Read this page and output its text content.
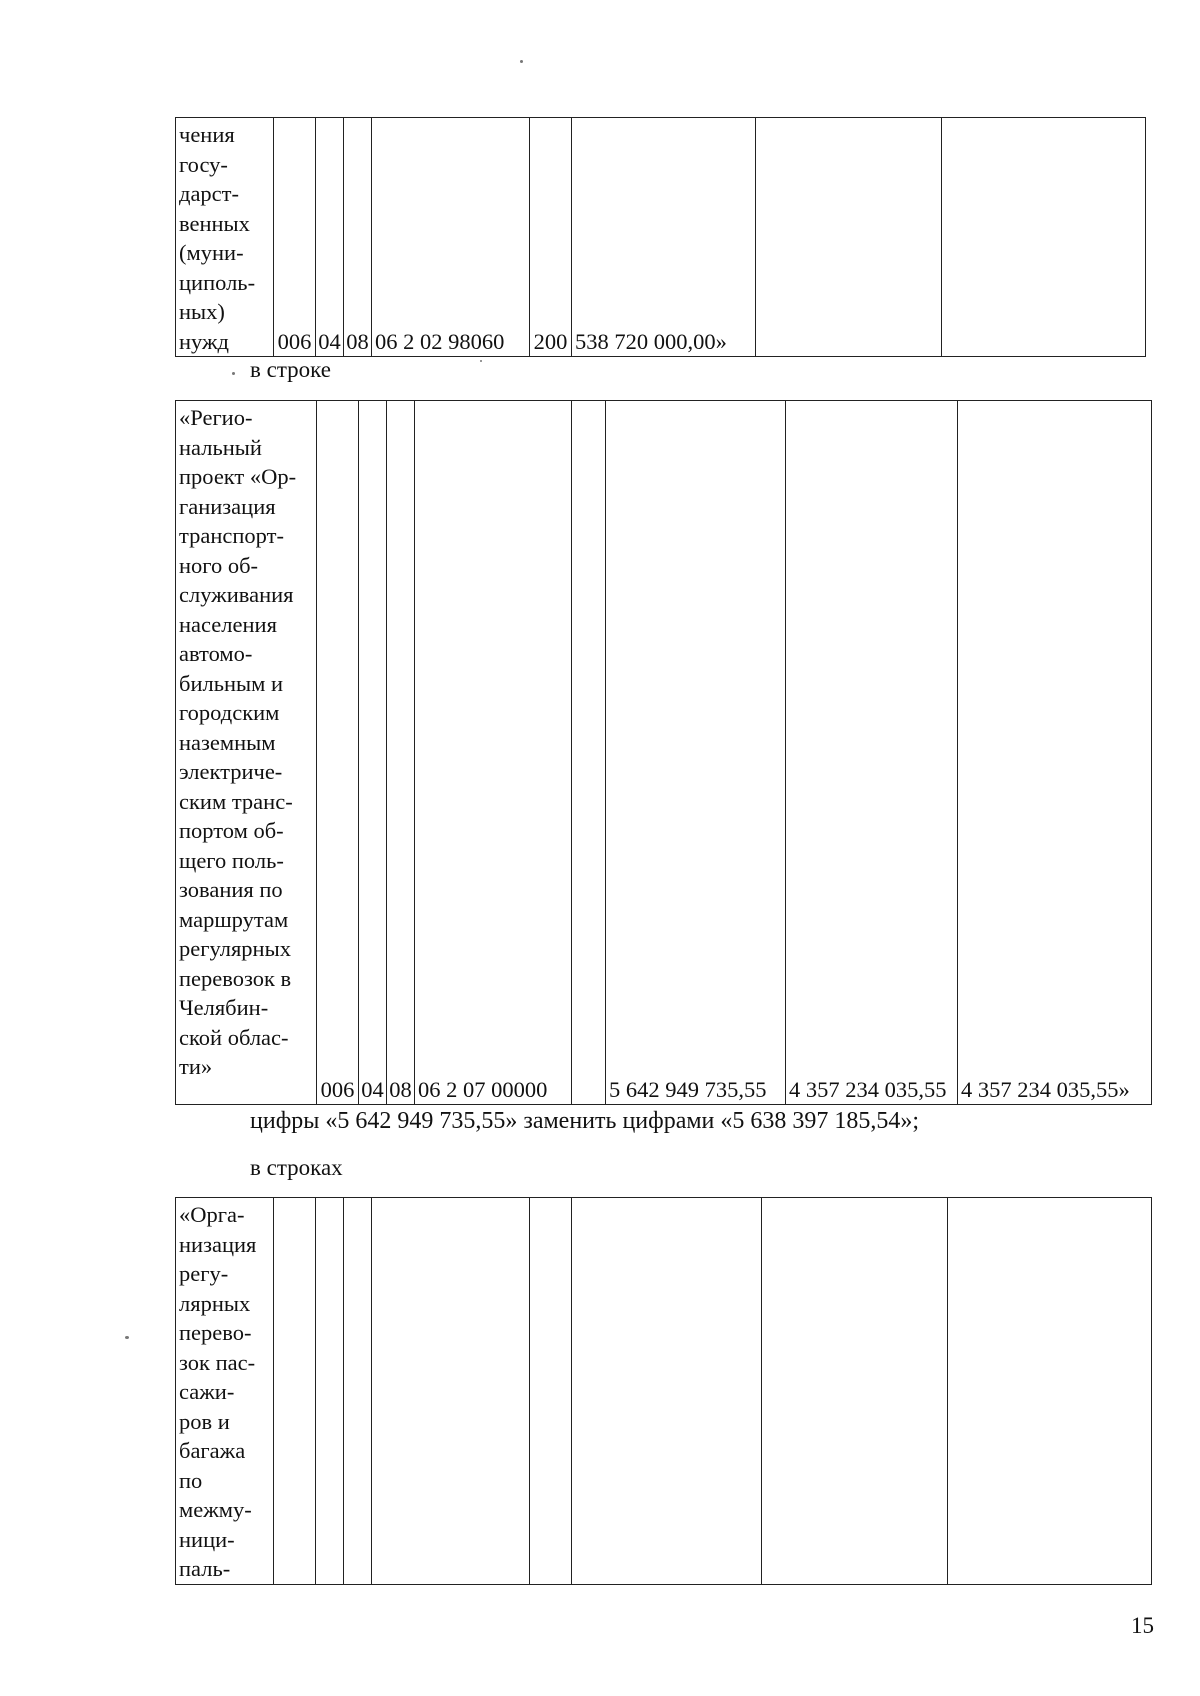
чения
госу-
дарст-
венных
(муни-
циполь-
ных)
нужд	006	04	08	06 2 02 98060	200	538 720 000,00»		
в строке
«Регио-
нальный
проект «Ор-
ганизация
транспорт-
ного об-
служивания
населения
автомо-
бильным и
городским
наземным
электриче-
ским транс-
портом об-
щего поль-
зования по
маршрутам
регулярных
перевозок в
Челябин-
ской облас-
ти»
	006	04	08	06 2 07 00000		5 642 949 735,55	4 357 234 035,55	4 357 234 035,55»
цифры «5 642 949 735,55» заменить цифрами «5 638 397 185,54»;
в строках
«Орга-
низация
регу-
лярных
перево-
зок пас-
сажи-
ров и
багажа
по
межму-
ници-
паль-

15
